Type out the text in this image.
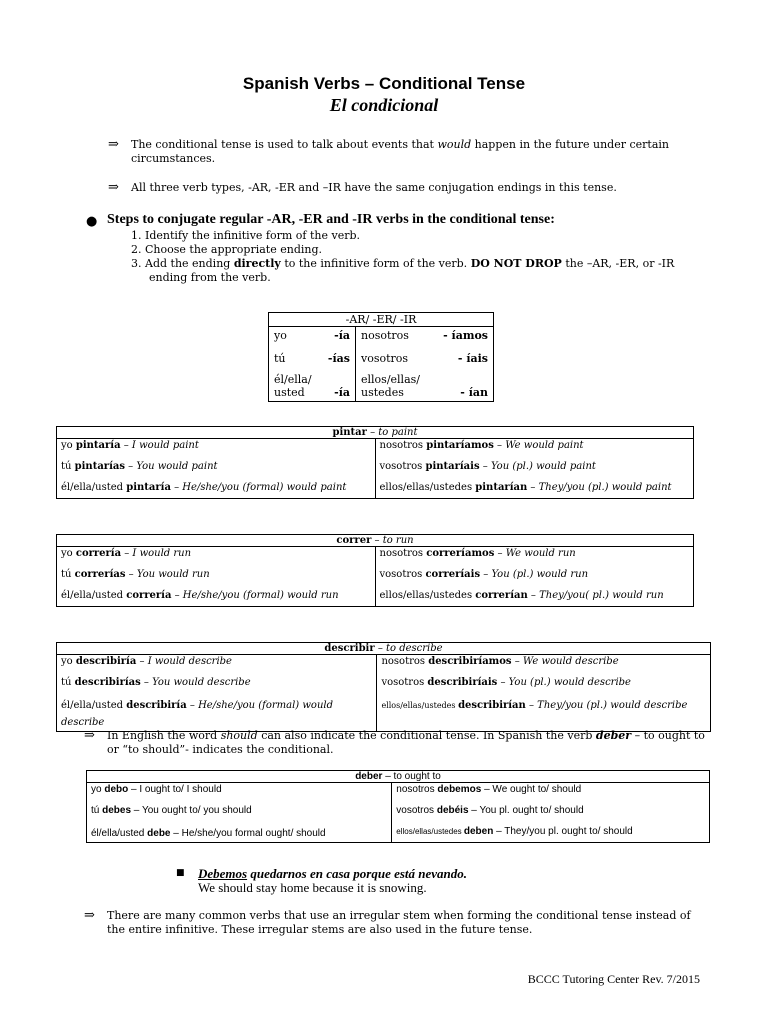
Spanish Verbs – Conditional Tense
El condicional
⇒ The conditional tense is used to talk about events that would happen in the future under certain circumstances.
⇒ All three verb types, -AR, -ER and –IR have the same conjugation endings in this tense.
● Steps to conjugate regular -AR, -ER and -IR verbs in the conditional tense:
1. Identify the infinitive form of the verb.
2. Choose the appropriate ending.
3. Add the ending directly to the infinitive form of the verb. DO NOT DROP the –AR, -ER, or -IR ending from the verb.
-AR/ -ER/ -IR	
yo -ía	nosotros - íamos

tú -ías	vosotros - íais

él/ella/ usted -ía	ellos/ellas/ ustedes - ían
pintar – to paint	
yo pintaría – I would paint	nosotros pintaríamos – We would paint
tú pintarías – You would paint	vosotros pintaríais – You (pl.) would paint
él/ella/usted pintaría – He/she/you (formal) would paint	ellos/ellas/ustedes pintarían – They/you (pl.) would paint
correr – to run	
yo correría – I would run	nosotros correríamos – We would run
tú correrías – You would run	vosotros correríais – You (pl.) would run
él/ella/usted correría – He/she/you (formal) would run	ellos/ellas/ustedes correrían – They/you( pl.) would run
describir – to describe	
yo describiría – I would describe	nosotros describiríamos – We would describe
tú describirías – You would describe	vosotros describiríais – You (pl.) would describe
él/ella/usted describiría – He/she/you (formal) would describe	ellos/ellas/ustedes describirían – They/you (pl.) would describe
⇒ In English the word should can also indicate the conditional tense. In Spanish the verb deber – to ought to or “to should”- indicates the conditional.
deber – to ought to	
yo debo – I ought to/ I should	nosotros debemos – We ought to/ should
tú debes – You ought to/ you should	vosotros debéis – You pl. ought to/ should
él/ella/usted debe – He/she/you formal ought/ should	ellos/ellas/ustedes deben – They/you pl. ought to/ should
■ Debemos quedarnos en casa porque está nevando.
We should stay home because it is snowing.
⇒ There are many common verbs that use an irregular stem when forming the conditional tense instead of the entire infinitive. These irregular stems are also used in the future tense.
BCCC Tutoring Center Rev. 7/2015
